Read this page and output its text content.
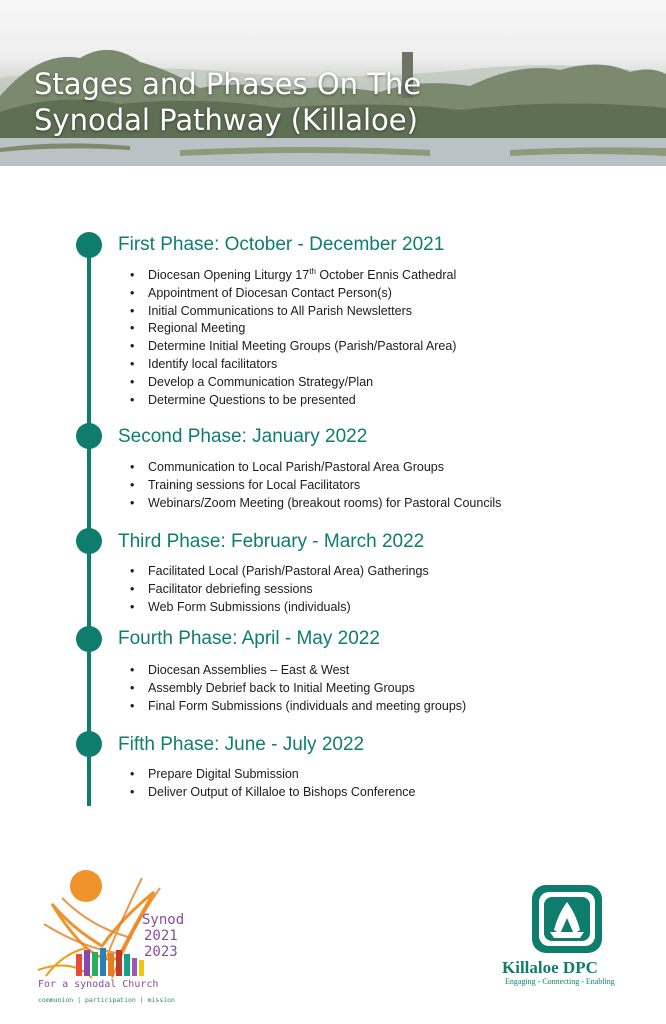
Stages and Phases On The
Synodal Pathway (Killaloe)
First Phase: October - December 2021
• Diocesan Opening Liturgy 17th October Ennis Cathedral
• Appointment of Diocesan Contact Person(s)
• Initial Communications to All Parish Newsletters
• Regional Meeting
• Determine Initial Meeting Groups (Parish/Pastoral Area)
• Identify local facilitators
• Develop a Communication Strategy/Plan
• Determine Questions to be presented
Second Phase: January 2022
• Communication to Local Parish/Pastoral Area Groups
• Training sessions for Local Facilitators
• Webinars/Zoom Meeting (breakout rooms) for Pastoral Councils
Third Phase: February - March 2022
• Facilitated Local (Parish/Pastoral Area) Gatherings
• Facilitator debriefing sessions
• Web Form Submissions (individuals)
Fourth Phase: April - May 2022
• Diocesan Assemblies – East & West
• Assembly Debrief back to Initial Meeting Groups
• Final Form Submissions (individuals and meeting groups)
Fifth Phase: June - July 2022
• Prepare Digital Submission
• Deliver Output of Killaloe to Bishops Conference
Synod
2021
2023
For a synodal Church
communion | participation | mission
Killaloe DPC
Engaging - Connecting - Enabling
